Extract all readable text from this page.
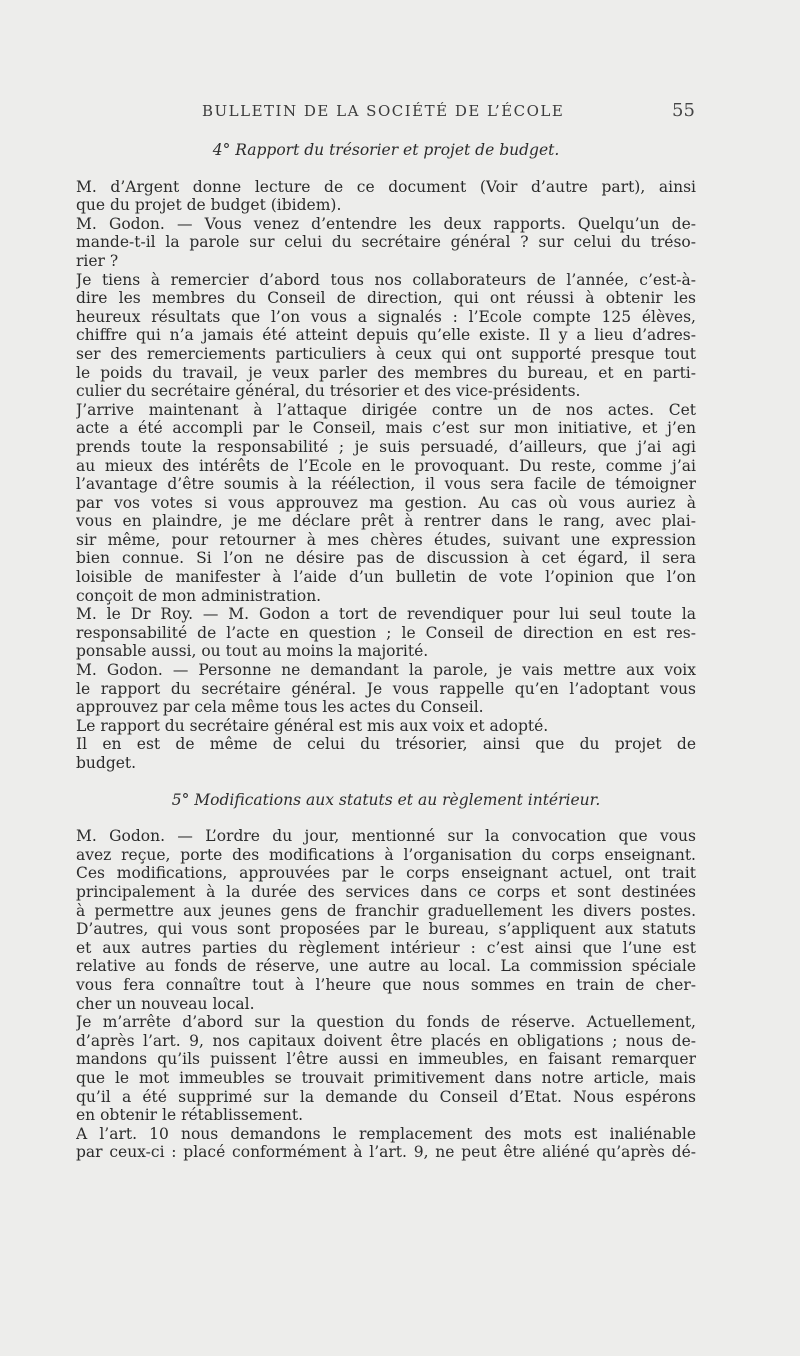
BULLETIN DE LA SOCIÉTÉ DE L’ÉCOLE	55
4° Rapport du trésorier et projet de budget.
M. d’Argent donne lecture de ce document (Voir d’autre part), ainsi
que du projet de budget (ibidem).
M. Godon. — Vous venez d’entendre les deux rapports. Quelqu’un de-
mande-t-il la parole sur celui du secrétaire général ? sur celui du tréso-
rier ?
Je tiens à remercier d’abord tous nos collaborateurs de l’année, c’est-à-
dire les membres du Conseil de direction, qui ont réussi à obtenir les
heureux résultats que l’on vous a signalés : l’Ecole compte 125 élèves,
chiffre qui n’a jamais été atteint depuis qu’elle existe. Il y a lieu d’adres-
ser des remerciements particuliers à ceux qui ont supporté presque tout
le poids du travail, je veux parler des membres du bureau, et en parti-
culier du secrétaire général, du trésorier et des vice-présidents.
J’arrive maintenant à l’attaque dirigée contre un de nos actes. Cet
acte a été accompli par le Conseil, mais c’est sur mon initiative, et j’en
prends toute la responsabilité ; je suis persuadé, d’ailleurs, que j’ai agi
au mieux des intérêts de l’Ecole en le provoquant. Du reste, comme j’ai
l’avantage d’être soumis à la réélection, il vous sera facile de témoigner
par vos votes si vous approuvez ma gestion. Au cas où vous auriez à
vous en plaindre, je me déclare prêt à rentrer dans le rang, avec plai-
sir même, pour retourner à mes chères études, suivant une expression
bien connue. Si l’on ne désire pas de discussion à cet égard, il sera
loisible de manifester à l’aide d’un bulletin de vote l’opinion que l’on
conçoit de mon administration.
M. le Dr Roy. — M. Godon a tort de revendiquer pour lui seul toute la
responsabilité de l’acte en question ; le Conseil de direction en est res-
ponsable aussi, ou tout au moins la majorité.
M. Godon. — Personne ne demandant la parole, je vais mettre aux voix
le rapport du secrétaire général. Je vous rappelle qu’en l’adoptant vous
approuvez par cela même tous les actes du Conseil.
Le rapport du secrétaire général est mis aux voix et adopté.
Il en est de même de celui du trésorier, ainsi que du projet de
budget.
5° Modifications aux statuts et au règlement intérieur.
M. Godon. — L’ordre du jour, mentionné sur la convocation que vous
avez reçue, porte des modifications à l’organisation du corps enseignant.
Ces modifications, approuvées par le corps enseignant actuel, ont trait
principalement à la durée des services dans ce corps et sont destinées
à permettre aux jeunes gens de franchir graduellement les divers postes.
D’autres, qui vous sont proposées par le bureau, s’appliquent aux statuts
et aux autres parties du règlement intérieur : c’est ainsi que l’une est
relative au fonds de réserve, une autre au local. La commission spéciale
vous fera connaître tout à l’heure que nous sommes en train de cher-
cher un nouveau local.
Je m’arrête d’abord sur la question du fonds de réserve. Actuellement,
d’après l’art. 9, nos capitaux doivent être placés en obligations ; nous de-
mandons qu’ils puissent l’être aussi en immeubles, en faisant remarquer
que le mot immeubles se trouvait primitivement dans notre article, mais
qu’il a été supprimé sur la demande du Conseil d’Etat. Nous espérons
en obtenir le rétablissement.
A l’art. 10 nous demandons le remplacement des mots est inaliénable
par ceux-ci : placé conformément à l’art. 9, ne peut être aliéné qu’après dé-
